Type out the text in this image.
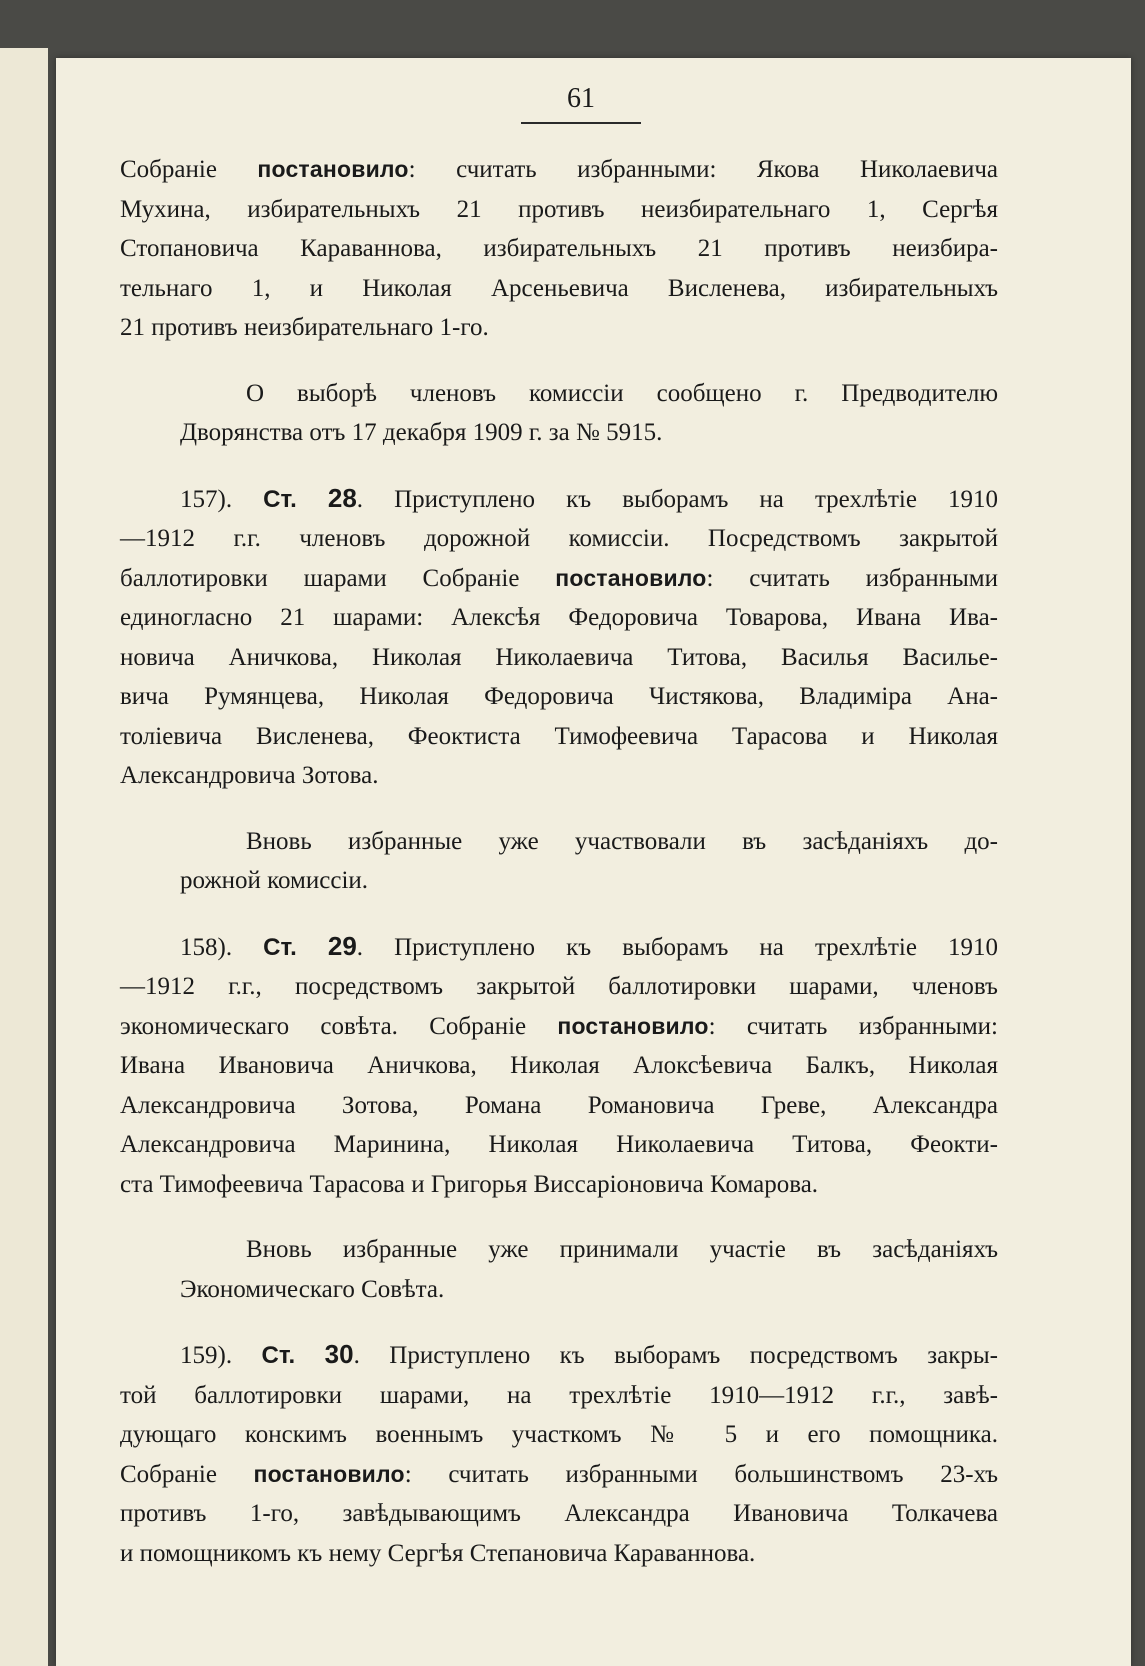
61
Собраніе постановило: считать избранными: Якова Николаевича
Мухина, избирательныхъ 21 противъ неизбирательнаго 1, Сергѣя
Стопановича Караваннова, избирательныхъ 21 противъ неизбира-
тельнаго 1, и Николая Арсеньевича Висленева, избирательныхъ
21 противъ неизбирательнаго 1-го.
О выборѣ членовъ комиссіи сообщено г. Предводителю
Дворянства отъ 17 декабря 1909 г. за № 5915.
157). Ст. 28. Приступлено къ выборамъ на трехлѣтіе 1910
—1912 г.г. членовъ дорожной комиссіи. Посредствомъ закрытой
баллотировки шарами Собраніе постановило: считать избранными
единогласно 21 шарами: Алексѣя Федоровича Товарова, Ивана Ива-
новича Аничкова, Николая Николаевича Титова, Василья Василье-
вича Румянцева, Николая Федоровича Чистякова, Владиміра Ана-
толіевича Висленева, Феоктиста Тимофеевича Тарасова и Николая
Александровича Зотова.
Вновь избранные уже участвовали въ засѣданіяхъ до-
рожной комиссіи.
158). Ст. 29. Приступлено къ выборамъ на трехлѣтіе 1910
—1912 г.г., посредствомъ закрытой баллотировки шарами, членовъ
экономическаго совѣта. Собраніе постановило: считать избранными:
Ивана Ивановича Аничкова, Николая Алоксѣевича Балкъ, Николая
Александровича Зотова, Романа Романовича Греве, Александра
Александровича Маринина, Николая Николаевича Титова, Феокти-
ста Тимофеевича Тарасова и Григорья Виссаріоновича Комарова.
Вновь избранные уже принимали участіе въ засѣданіяхъ
Экономическаго Совѣта.
159). Ст. 30. Приступлено къ выборамъ посредствомъ закры-
той баллотировки шарами, на трехлѣтіе 1910—1912 г.г., завѣ-
дующаго конскимъ военнымъ участкомъ № 5 и его помощника.
Собраніе постановило: считать избранными большинствомъ 23-хъ
противъ 1-го, завѣдывающимъ Александра Ивановича Толкачева
и помощникомъ къ нему Сергѣя Степановича Караваннова.
